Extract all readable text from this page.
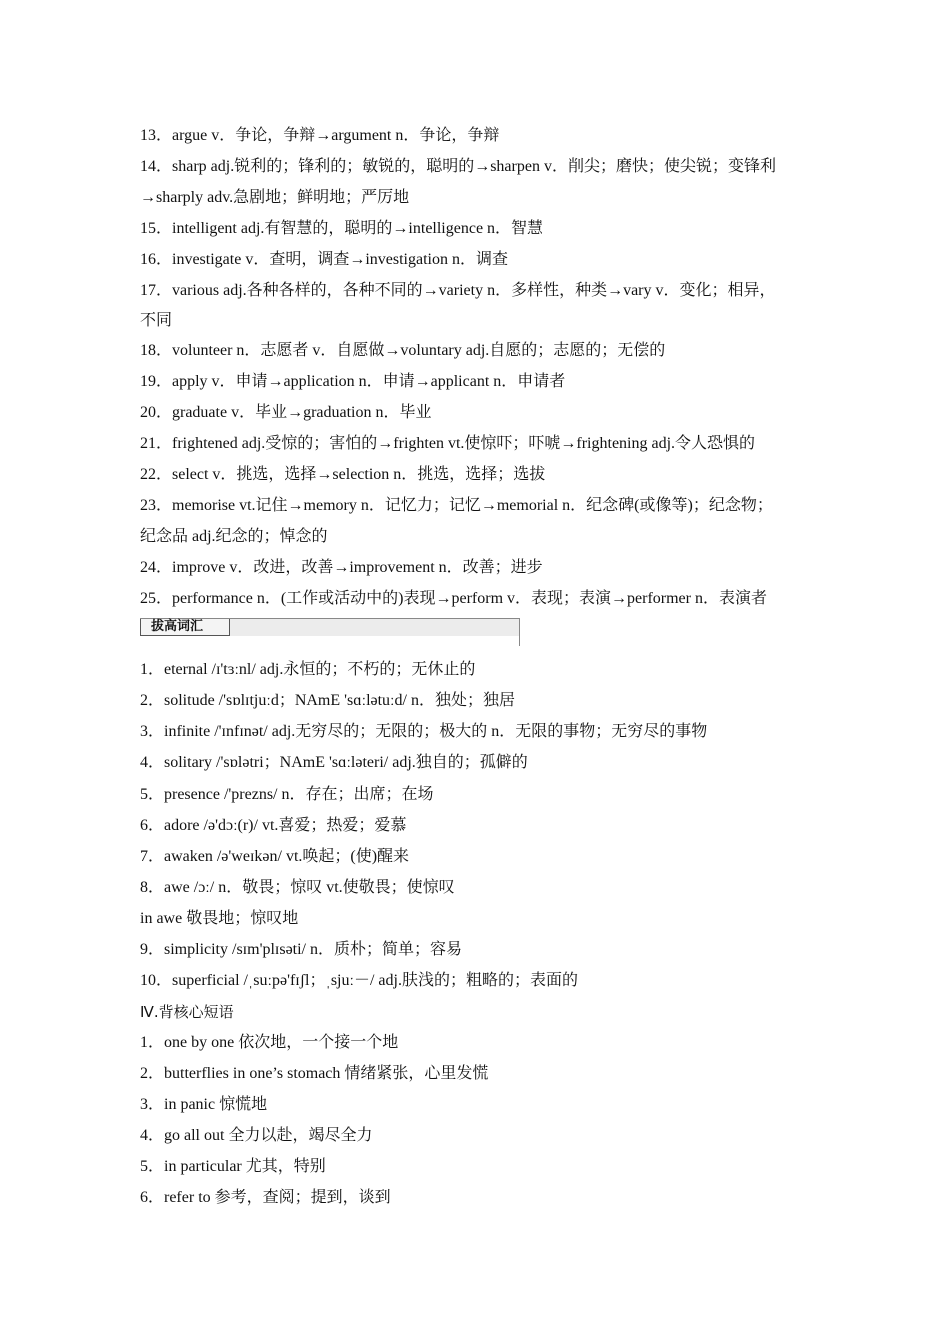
13．argue v．争论，争辩→argument n．争论，争辩
14．sharp adj.锐利的；锋利的；敏锐的，聪明的→sharpen v．削尖；磨快；使尖锐；变锋利
→sharply adv.急剧地；鲜明地；严厉地
15．intelligent adj.有智慧的，聪明的→intelligence n．智慧
16．investigate v．查明，调查→investigation n．调查
17．various adj.各种各样的，各种不同的→variety n．多样性，种类→vary v．变化；相异，
不同
18．volunteer n．志愿者 v．自愿做→voluntary adj.自愿的；志愿的；无偿的
19．apply v．申请→application n．申请→applicant n．申请者
20．graduate v．毕业→graduation n．毕业
21．frightened adj.受惊的；害怕的→frighten vt.使惊吓；吓唬→frightening adj.令人恐惧的
22．select v．挑选，选择→selection n．挑选，选择；选拔
23．memorise vt.记住→memory n．记忆力；记忆→memorial n．纪念碑(或像等)；纪念物；
纪念品 adj.纪念的；悼念的
24．improve v．改进，改善→improvement n．改善；进步
25．performance n．(工作或活动中的)表现→perform v．表现；表演→performer n．表演者
拔高词汇
1．eternal /ɪ'tɜːnl/ adj.永恒的；不朽的；无休止的
2．solitude /'sɒlɪtjuːd；NAmE 'sɑːlətuːd/ n．独处；独居
3．infinite /'ɪnfɪnət/ adj.无穷尽的；无限的；极大的 n．无限的事物；无穷尽的事物
4．solitary /'sɒlətri；NAmE 'sɑːləteri/ adj.独自的；孤僻的
5．presence /'prezns/ n．存在；出席；在场
6．adore /ə'dɔː(r)/ vt.喜爱；热爱；爱慕
7．awaken /ə'weɪkən/ vt.唤起；(使)醒来
8．awe /ɔː/ n．敬畏；惊叹 vt.使敬畏；使惊叹
in awe 敬畏地；惊叹地
9．simplicity /sɪm'plɪsəti/ n．质朴；简单；容易
10．superficial /ˌsuːpə'fɪʃl；ˌsjuː－/ adj.肤浅的；粗略的；表面的
Ⅳ.背核心短语
1．one by one 依次地，一个接一个地
2．butterflies in one’s stomach 情绪紧张，心里发慌
3．in panic 惊慌地
4．go all out 全力以赴，竭尽全力
5．in particular 尤其，特别
6．refer to 参考，查阅；提到，谈到
